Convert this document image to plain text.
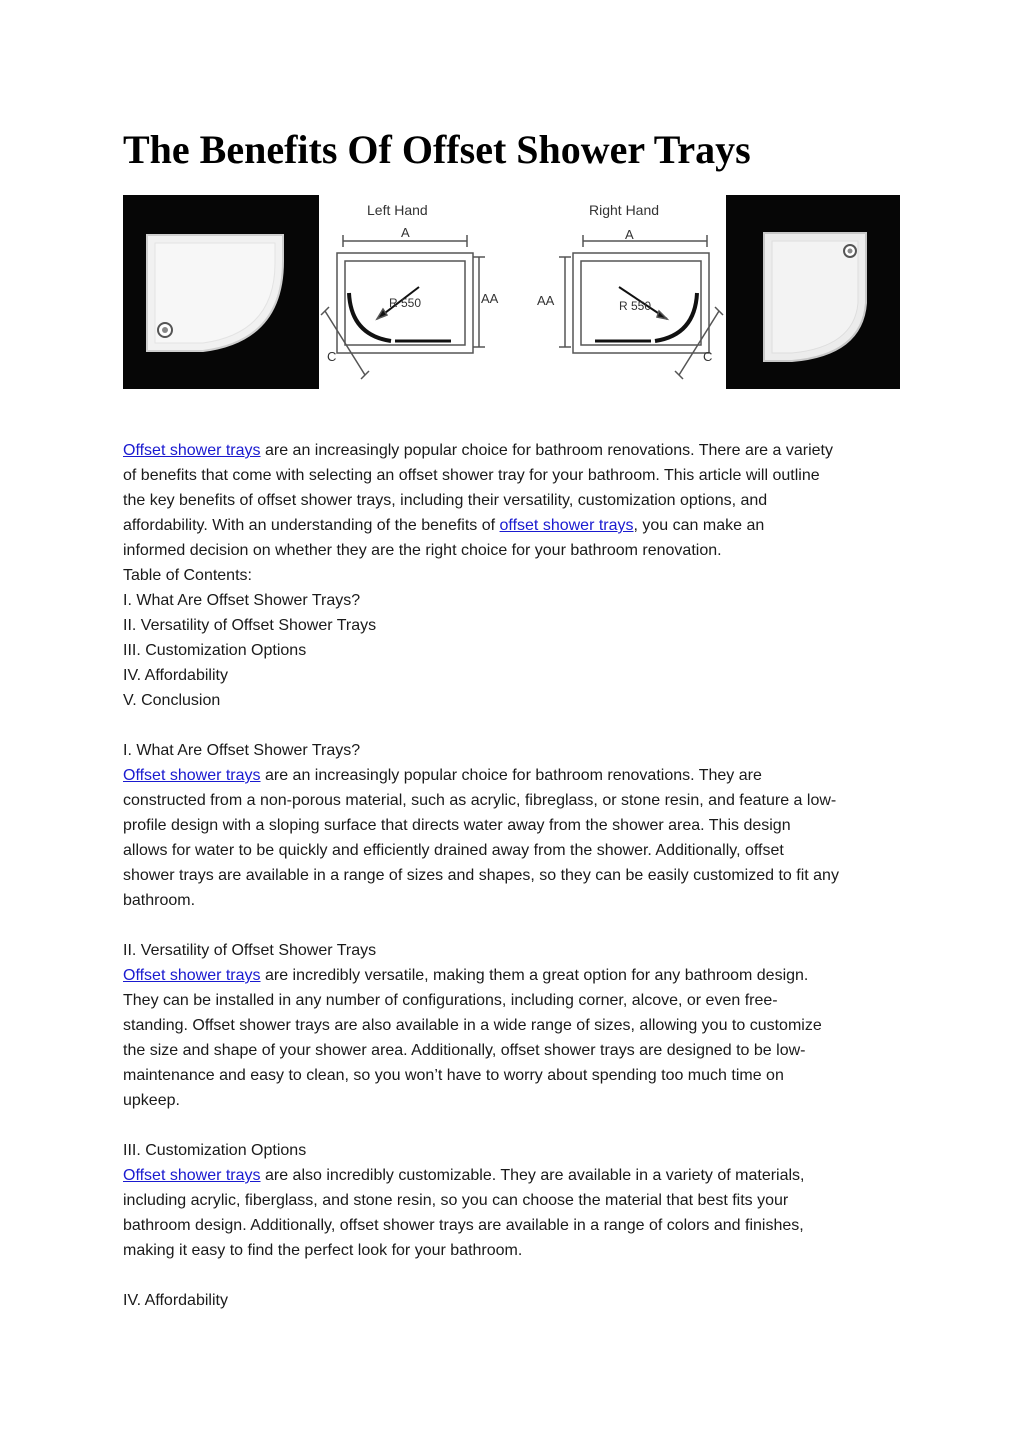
The Benefits Of Offset Shower Trays
Left Hand
A
AA
C
R 550
Right Hand
A
AA
C
R 550

Offset shower trays are an increasingly popular choice for bathroom renovations. There are a variety

of benefits that come with selecting an offset shower tray for your bathroom. This article will outline

the key benefits of offset shower trays, including their versatility, customization options, and

affordability. With an understanding of the benefits of offset shower trays, you can make an

informed decision on whether they are the right choice for your bathroom renovation.

Table of Contents:

I. What Are Offset Shower Trays?

II. Versatility of Offset Shower Trays

III. Customization Options

IV. Affordability

V. Conclusion

I. What Are Offset Shower Trays?

Offset shower trays are an increasingly popular choice for bathroom renovations. They are

constructed from a non-porous material, such as acrylic, fibreglass, or stone resin, and feature a low-

profile design with a sloping surface that directs water away from the shower area. This design

allows for water to be quickly and efficiently drained away from the shower. Additionally, offset

shower trays are available in a range of sizes and shapes, so they can be easily customized to fit any

bathroom.

II. Versatility of Offset Shower Trays

Offset shower trays are incredibly versatile, making them a great option for any bathroom design.

They can be installed in any number of configurations, including corner, alcove, or even free-

standing. Offset shower trays are also available in a wide range of sizes, allowing you to customize

the size and shape of your shower area. Additionally, offset shower trays are designed to be low-

maintenance and easy to clean, so you won’t have to worry about spending too much time on

upkeep.

III. Customization Options

Offset shower trays are also incredibly customizable. They are available in a variety of materials,

including acrylic, fiberglass, and stone resin, so you can choose the material that best fits your

bathroom design. Additionally, offset shower trays are available in a range of colors and finishes,

making it easy to find the perfect look for your bathroom.

IV. Affordability
